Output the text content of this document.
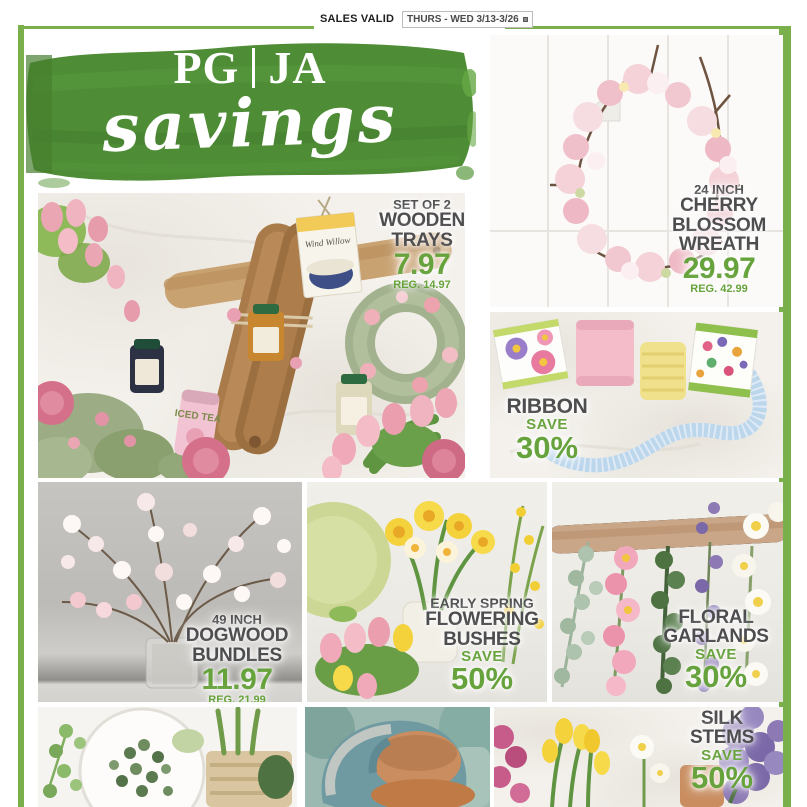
SALES VALID THURS - WED 3/13-3/26
PG JA
savings
ICED TEA
Wind Willow
SET OF 2
WOODEN
TRAYS
7.97
REG. 14.97
24 INCH
CHERRY
BLOSSOM
WREATH
29.97
REG. 42.99
RIBBON
SAVE
30%
49 INCH
DOGWOOD
BUNDLES
11.97
REG. 21.99
EARLY SPRING
FLOWERING
BUSHES
SAVE
50%
FLORAL
GARLANDS
SAVE
30%
SILK
STEMS
SAVE
50%
